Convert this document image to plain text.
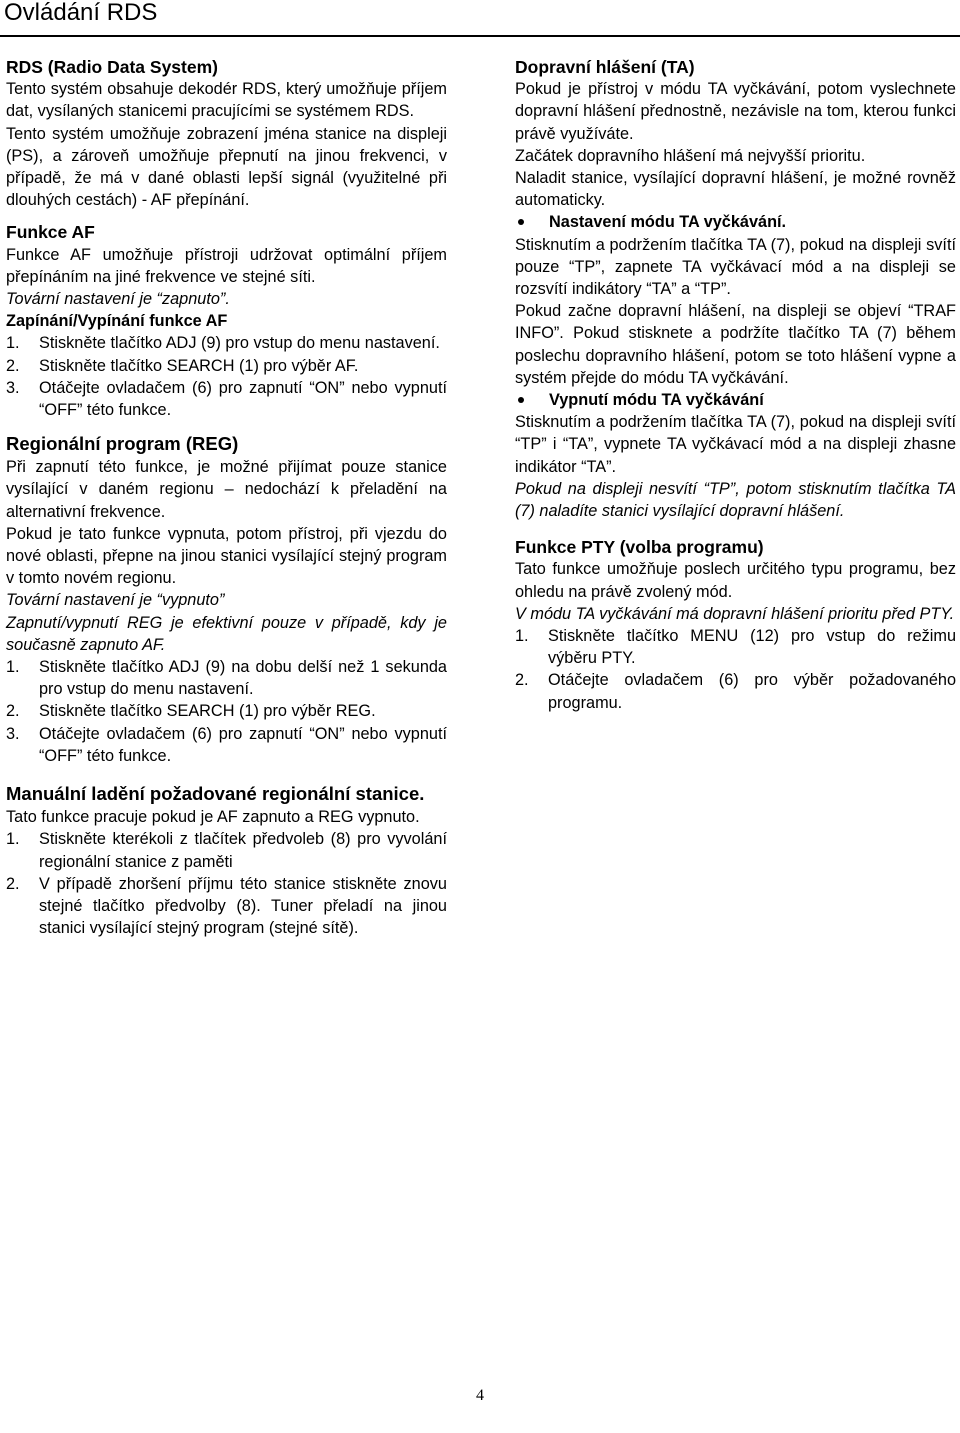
Ovládání RDS

RDS (Radio Data System)

Tento systém obsahuje dekodér RDS, který umožňuje příjem dat, vysílaných stanicemi pracujícími se systémem RDS.

Tento systém umožňuje zobrazení jména stanice na displeji (PS), a zároveň umožňuje přepnutí na jinou frekvenci, v případě, že má v dané oblasti lepší signál (využitelné při dlouhých cestách) - AF přepínání.

Funkce AF

Funkce AF umožňuje přístroji udržovat optimální příjem přepínáním na jiné frekvence ve stejné síti.

Tovární nastavení je “zapnuto”.

Zapínání/Vypínání funkce AF

1. Stiskněte tlačítko ADJ (9) pro vstup do menu nastavení.
2. Stiskněte tlačítko SEARCH (1) pro výběr AF.
3. Otáčejte ovladačem (6) pro zapnutí “ON” nebo vypnutí “OFF” této funkce.

Regionální program (REG)

Při zapnutí této funkce, je možné přijímat pouze stanice vysílající v daném regionu – nedochází k přeladění na alternativní frekvence.

Pokud je tato funkce vypnuta, potom přístroj, při vjezdu do nové oblasti, přepne na jinou stanici vysílající stejný program v tomto novém regionu.

Tovární nastavení je “vypnuto”

Zapnutí/vypnutí REG je efektivní pouze v případě, kdy je současně zapnuto AF.

1. Stiskněte tlačítko ADJ (9) na dobu delší než 1 sekunda pro vstup do menu nastavení.
2. Stiskněte tlačítko SEARCH (1) pro výběr REG.
3. Otáčejte ovladačem (6) pro zapnutí “ON” nebo vypnutí “OFF” této funkce.

Manuální ladění požadované regionální stanice.

Tato funkce pracuje pokud je AF zapnuto a REG vypnuto.

1. Stiskněte kterékoli z tlačítek předvoleb (8) pro vyvolání regionální stanice z paměti
2. V případě zhoršení příjmu této stanice stiskněte znovu stejné tlačítko předvolby (8). Tuner přeladí na jinou stanici vysílající stejný program (stejné sítě).

Dopravní hlášení (TA)

Pokud je přístroj v módu TA vyčkávání, potom vyslechnete dopravní hlášení přednostně, nezávisle na tom, kterou funkci právě využíváte.

Začátek dopravního hlášení má nejvyšší prioritu.

Naladit stanice, vysílající dopravní hlášení, je možné rovněž automaticky.

Nastavení módu TA vyčkávání.

Stisknutím a podržením tlačítka TA (7), pokud na displeji svítí pouze “TP”, zapnete TA vyčkávací mód a na displeji se rozsvítí indikátory “TA” a “TP”.

Pokud začne dopravní hlášení, na displeji se objeví “TRAF INFO”. Pokud stisknete a podržíte tlačítko TA (7) během poslechu dopravního hlášení, potom se toto hlášení vypne a systém přejde do módu TA vyčkávání.

Vypnutí módu TA vyčkávání

Stisknutím a podržením tlačítka TA (7), pokud na displeji svítí “TP” i “TA”, vypnete TA vyčkávací mód a na displeji zhasne indikátor “TA”.

Pokud na displeji nesvítí “TP”, potom stisknutím tlačítka TA (7) naladíte stanici vysílající dopravní hlášení.

Funkce PTY (volba programu)

Tato funkce umožňuje poslech určitého typu programu, bez ohledu na právě zvolený mód.

V módu TA vyčkávání má dopravní hlášení prioritu před PTY.

1. Stiskněte tlačítko MENU (12) pro vstup do režimu výběru PTY.
2. Otáčejte ovladačem (6) pro výběr požadovaného programu.
4
